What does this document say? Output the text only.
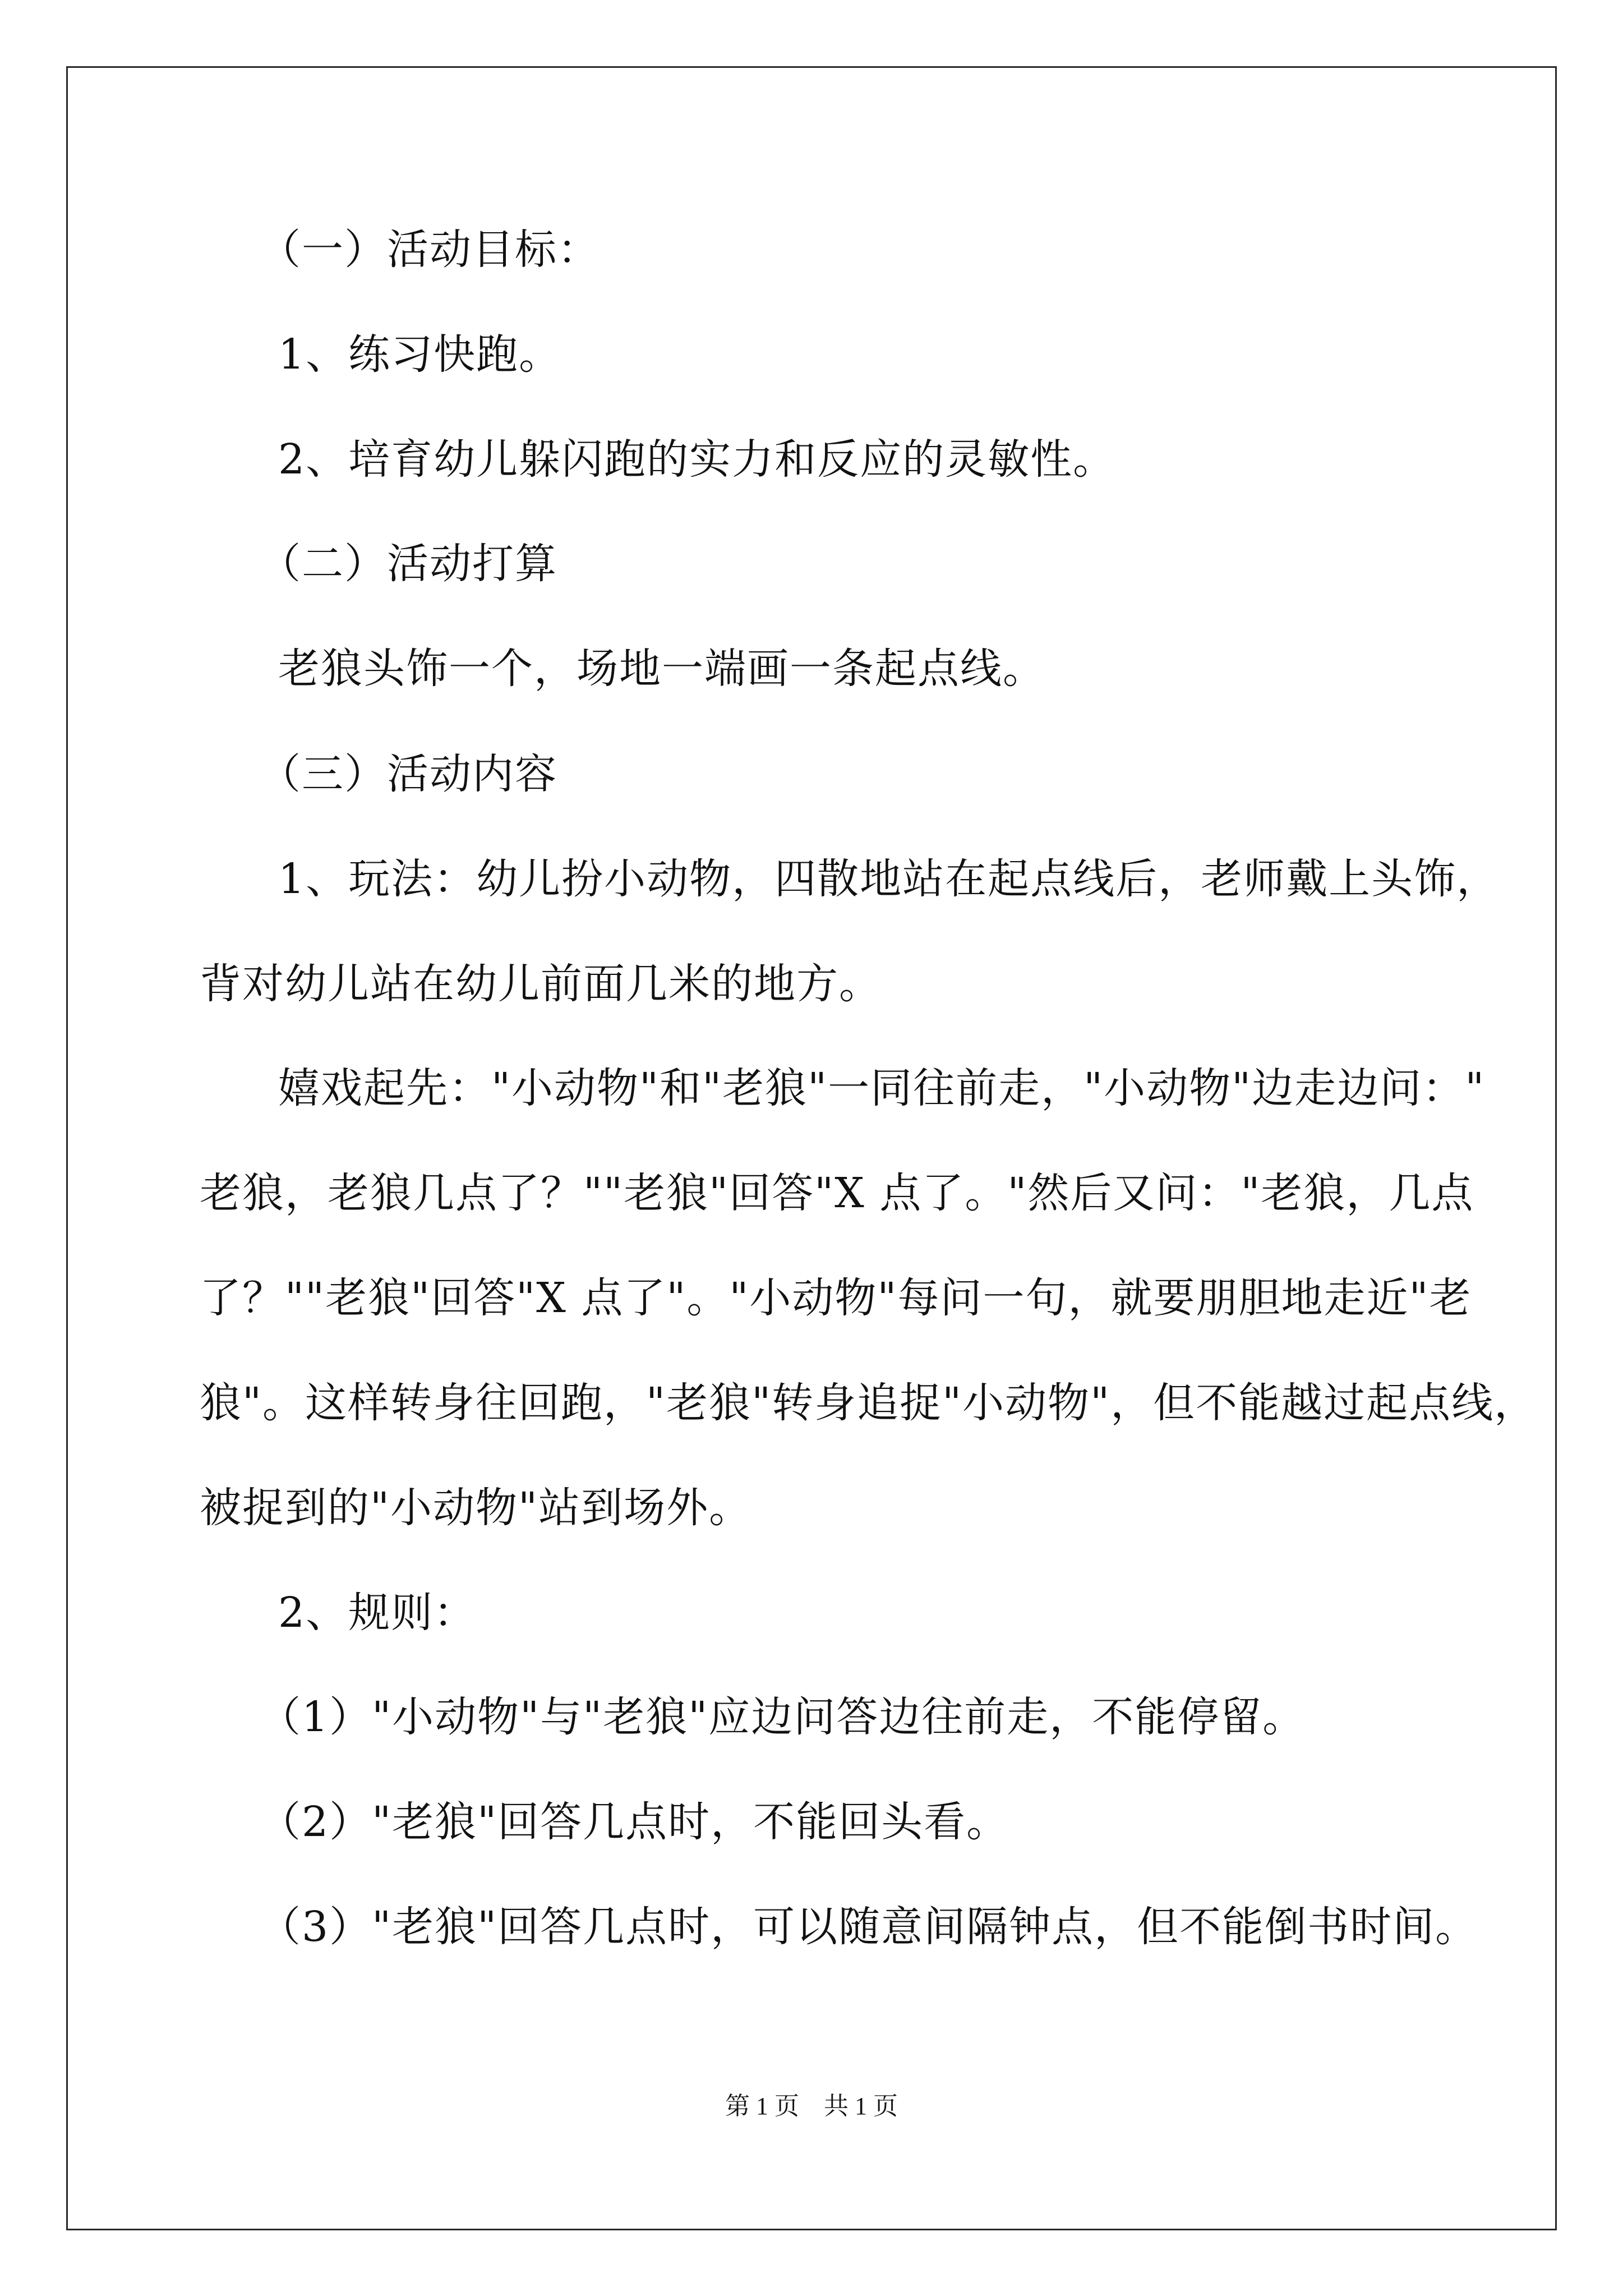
（一）活动目标：
1、练习快跑。
2、培育幼儿躲闪跑的实力和反应的灵敏性。
（二）活动打算
老狼头饰一个，场地一端画一条起点线。
（三）活动内容
1、玩法：幼儿扮小动物，四散地站在起点线后，老师戴上头饰，
背对幼儿站在幼儿前面几米的地方。
嬉戏起先："小动物"和"老狼"一同往前走，"小动物"边走边问："
老狼，老狼几点了？""老狼"回答"X 点了。"然后又问："老狼，几点
了？""老狼"回答"X 点了"。"小动物"每问一句，就要朋胆地走近"老
狼"。这样转身往回跑，"老狼"转身追捉"小动物"，但不能越过起点线，
被捉到的"小动物"站到场外。
2、规则：
（1）"小动物"与"老狼"应边问答边往前走，不能停留。
（2）"老狼"回答几点时，不能回头看。
（3）"老狼"回答几点时，可以随意间隔钟点，但不能倒书时间。
第 1 页　共 1 页
